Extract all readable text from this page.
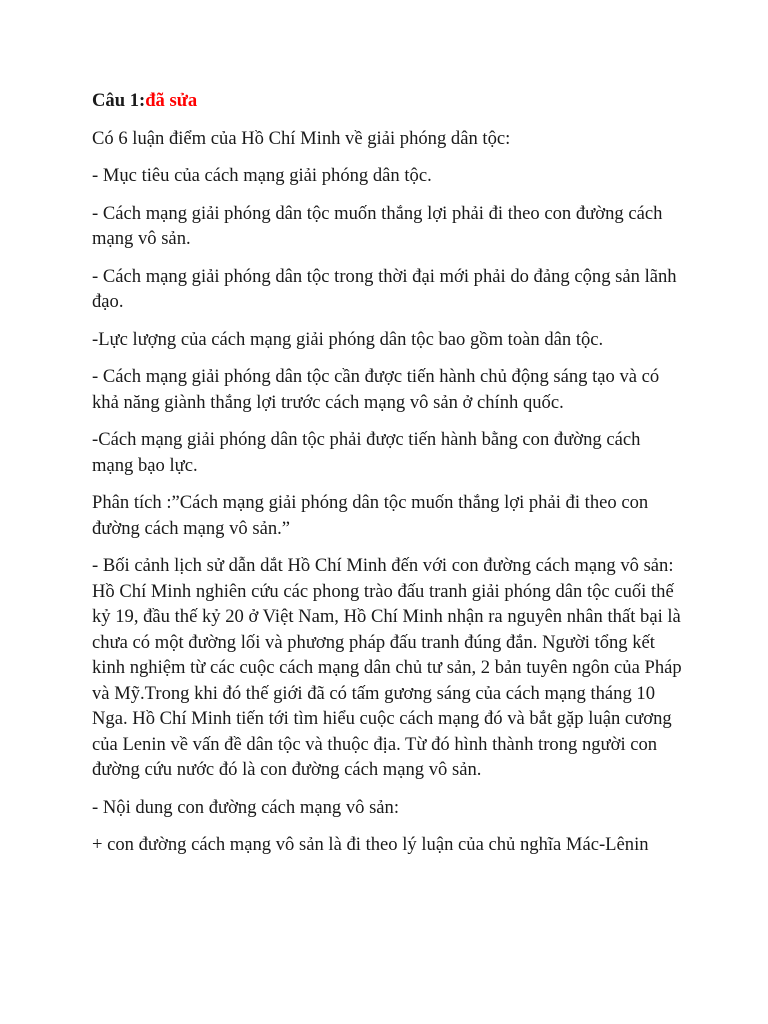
Câu 1:đã sửa

Có 6 luận điểm của Hồ Chí Minh về giải phóng dân tộc:

- Mục tiêu của cách mạng giải phóng dân tộc.

- Cách mạng giải phóng dân tộc muốn thắng lợi phải đi theo con đường cách mạng vô sản.

- Cách mạng giải phóng dân tộc trong thời đại mới phải do đảng cộng sản lãnh đạo.

-Lực lượng của cách mạng giải phóng dân tộc bao gồm toàn dân tộc.

- Cách mạng giải phóng dân tộc cần được tiến hành chủ động sáng tạo và có khả năng giành thắng lợi trước cách mạng vô sản ở chính quốc.

-Cách mạng giải phóng dân tộc phải được tiến hành bằng con đường cách mạng bạo lực.

Phân tích :”Cách mạng giải phóng dân tộc muốn thắng lợi phải đi theo con đường cách mạng vô sản.”

- Bối cảnh lịch sử dẫn dắt Hồ Chí Minh đến với con đường cách mạng vô sản: Hồ Chí Minh nghiên cứu các phong trào đấu tranh giải phóng dân tộc cuối thế kỷ 19, đầu thế kỷ 20 ở Việt Nam, Hồ Chí Minh nhận ra nguyên nhân thất bại là chưa có một đường lối và phương pháp đấu tranh đúng đắn. Người tổng kết kinh nghiệm từ các cuộc cách mạng dân chủ tư sản, 2 bản tuyên ngôn của Pháp và Mỹ.Trong khi đó thế giới đã có tấm gương sáng của cách mạng tháng 10 Nga. Hồ Chí Minh tiến tới tìm hiểu cuộc cách mạng đó và bắt gặp luận cương của Lenin về vấn đề dân tộc và thuộc địa. Từ đó hình thành trong người con đường cứu nước đó là con đường cách mạng vô sản.

- Nội dung con đường cách mạng vô sản:

+ con đường cách mạng vô sản là đi theo lý luận của chủ nghĩa Mác-Lênin
